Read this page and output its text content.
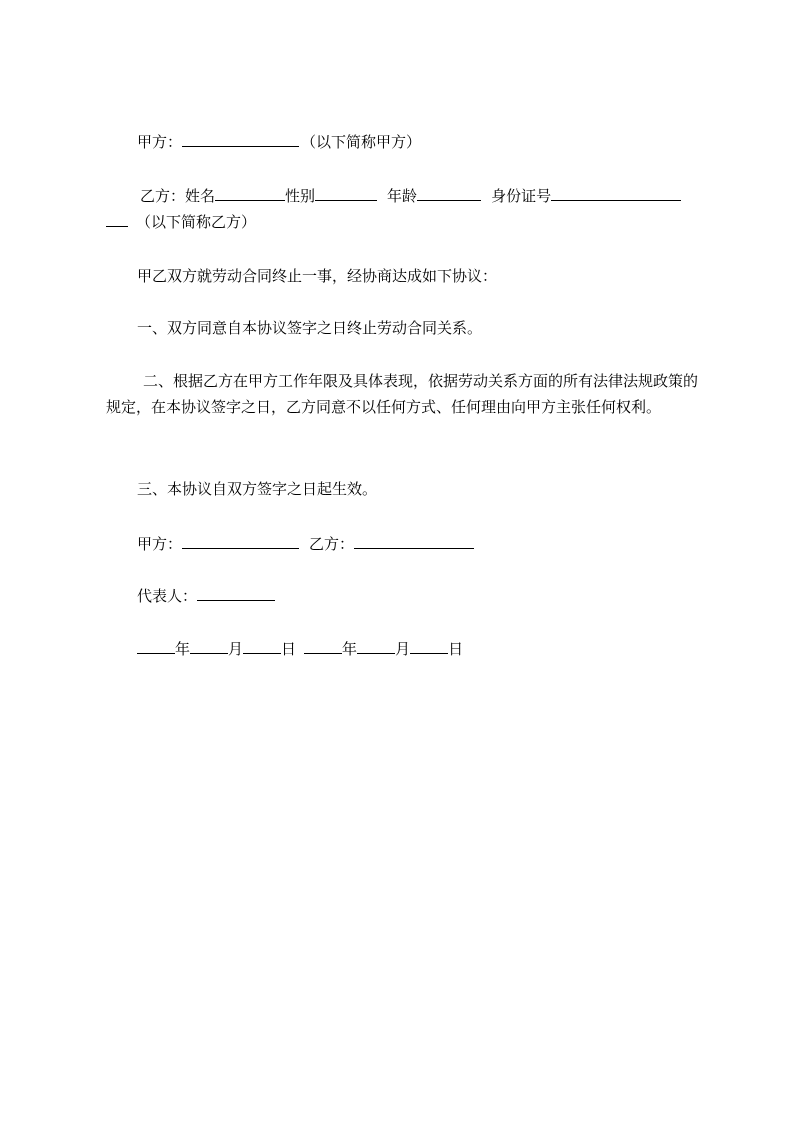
甲方：	（以下简称甲方）
乙方：姓名	性别	年龄	身份证号
（以下简称乙方）
甲乙双方就劳动合同终止一事，经协商达成如下协议：
一、双方同意自本协议签字之日终止劳动合同关系。
二、根据乙方在甲方工作年限及具体表现，依据劳动关系方面的所有法律法规政策的规定，在本协议签字之日，乙方同意不以任何方式、任何理由向甲方主张任何权利。
三、本协议自双方签字之日起生效。
甲方：	乙方：
代表人：
年	月	日	年	月	日
